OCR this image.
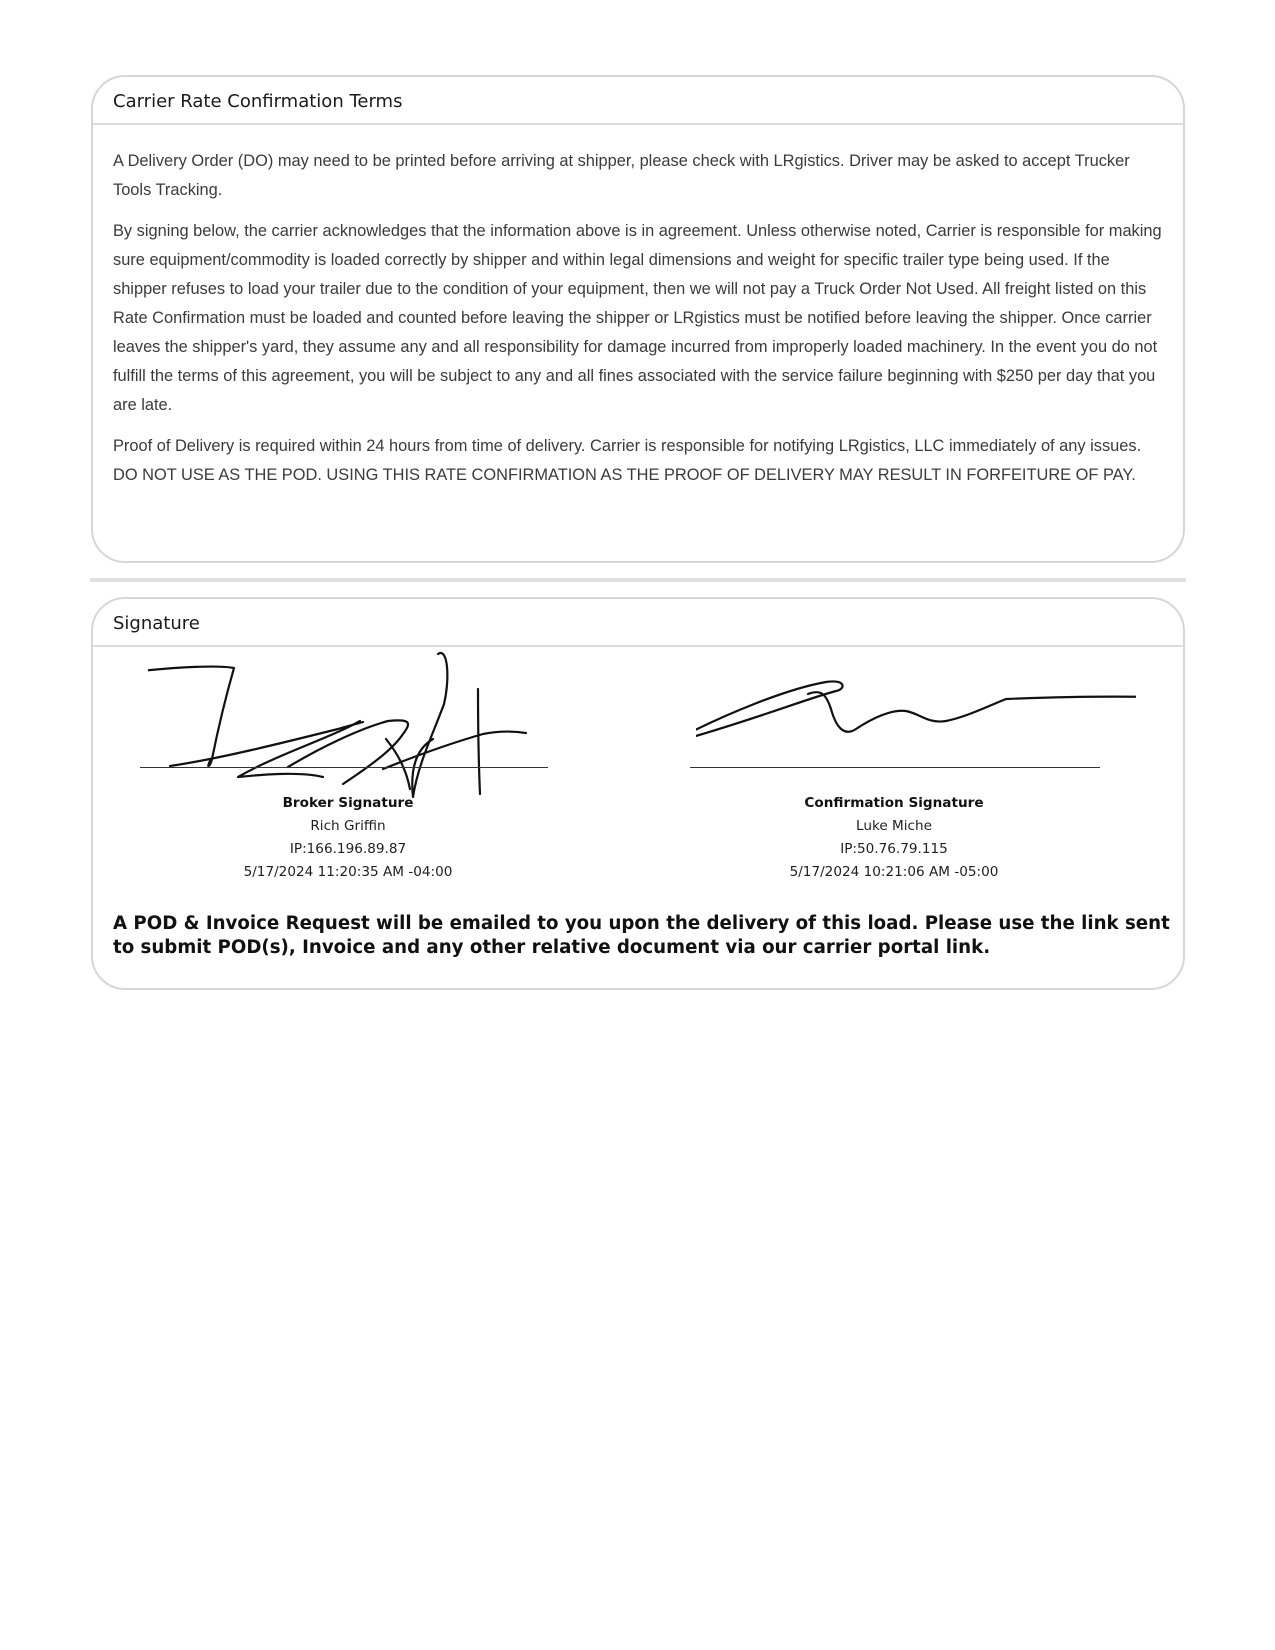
Carrier Rate Confirmation Terms

A Delivery Order (DO) may need to be printed before arriving at shipper, please check with LRgistics. Driver may be asked to accept Trucker Tools Tracking.

By signing below, the carrier acknowledges that the information above is in agreement. Unless otherwise noted, Carrier is responsible for making sure equipment/commodity is loaded correctly by shipper and within legal dimensions and weight for specific trailer type being used. If the shipper refuses to load your trailer due to the condition of your equipment, then we will not pay a Truck Order Not Used. All freight listed on this Rate Confirmation must be loaded and counted before leaving the shipper or LRgistics must be notified before leaving the shipper. Once carrier leaves the shipper's yard, they assume any and all responsibility for damage incurred from improperly loaded machinery. In the event you do not fulfill the terms of this agreement, you will be subject to any and all fines associated with the service failure beginning with $250 per day that you are late.

Proof of Delivery is required within 24 hours from time of delivery. Carrier is responsible for notifying LRgistics, LLC immediately of any issues. DO NOT USE AS THE POD. USING THIS RATE CONFIRMATION AS THE PROOF OF DELIVERY MAY RESULT IN FORFEITURE OF PAY.

Signature
Broker Signature
Rich Griffin
IP:166.196.89.87
5/17/2024 11:20:35 AM -04:00
Confirmation Signature
Luke Miche
IP:50.76.79.115
5/17/2024 10:21:06 AM -05:00
A POD & Invoice Request will be emailed to you upon the delivery of this load. Please use the link sent to submit POD(s), Invoice and any other relative document via our carrier portal link.
